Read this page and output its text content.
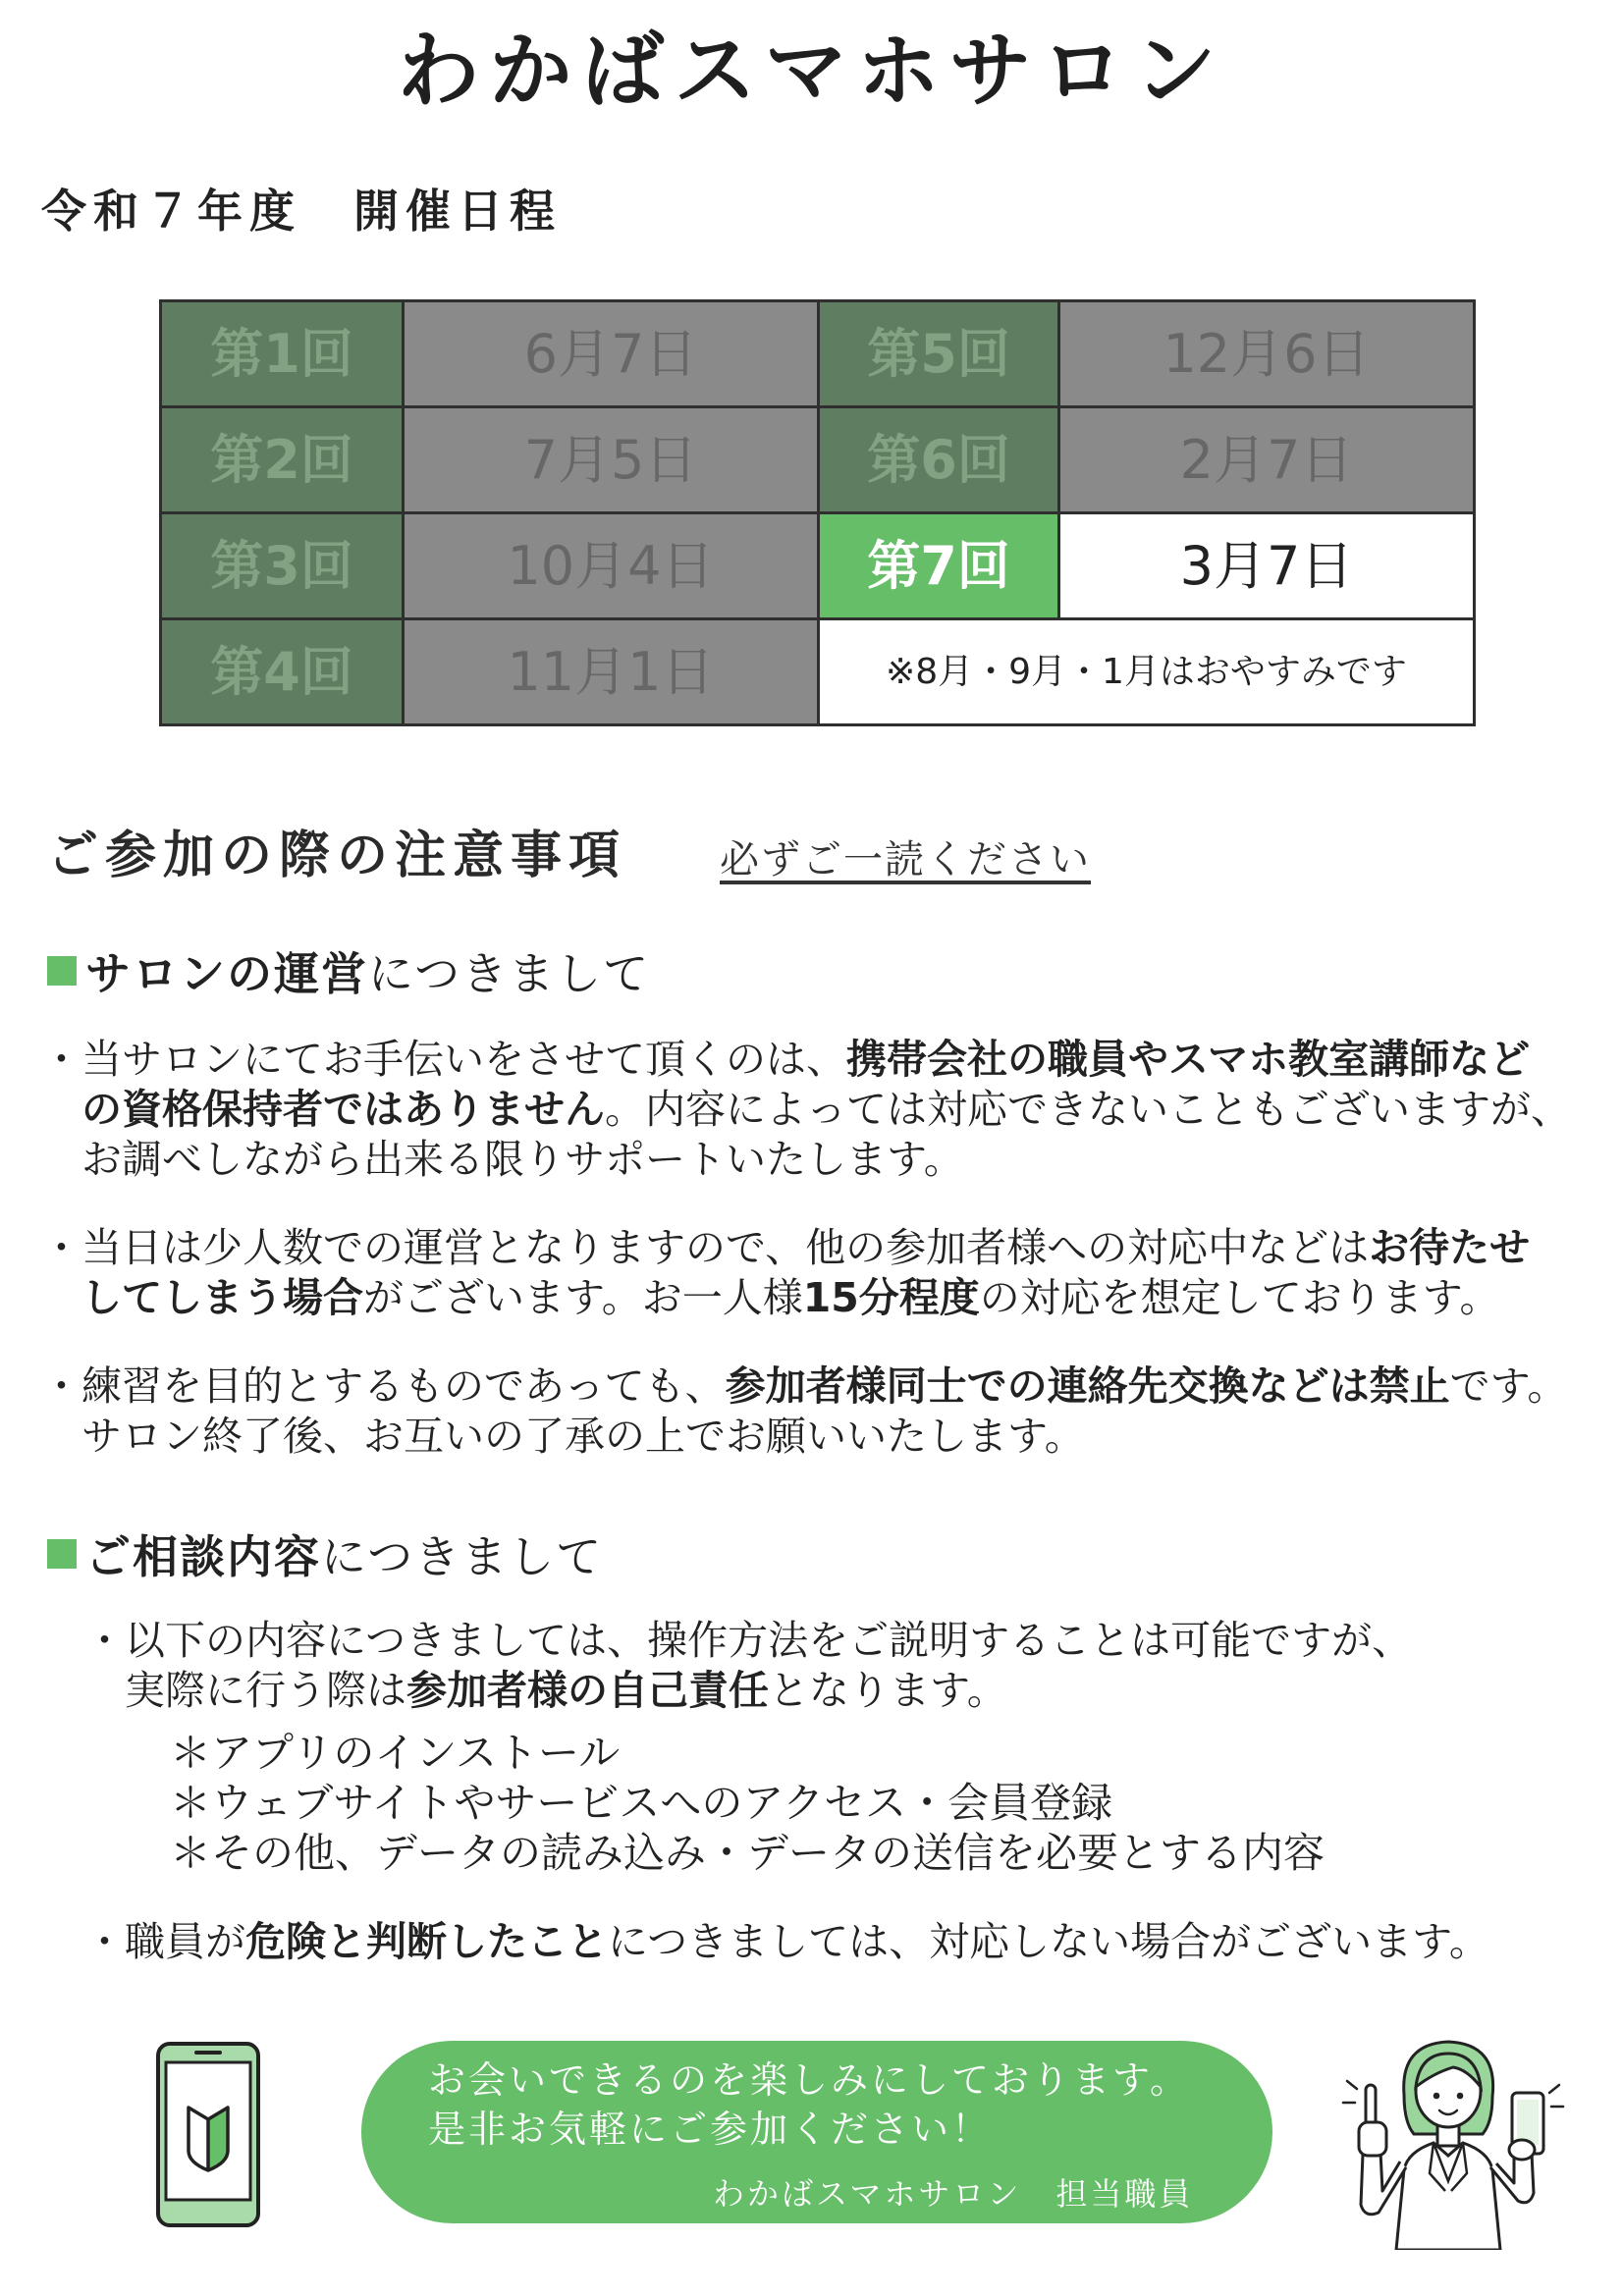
わかばスマホサロン
令和７年度　開催日程
第1回	6月7日	第5回	12月6日
第2回	7月5日	第6回	2月7日
第3回	10月4日	第7回	3月7日
第4回	11月1日	※8月・9月・1月はおやすみです
ご参加の際の注意事項 必ずご一読ください
サロンの運営 につきまして
・ 当サロンにてお手伝いをさせて頂くのは、携帯会社の職員やスマホ教室講師など
の資格保持者ではありません。内容によっては対応できないこともございますが、
お調べしながら出来る限りサポートいたします。
・ 当日は少人数での運営となりますので、他の参加者様への対応中などはお待たせ
してしまう場合がございます。お一人様15分程度の対応を想定しております。
・ 練習を目的とするものであっても、参加者様同士での連絡先交換などは禁止です。
サロン終了後、お互いの了承の上でお願いいたします。
ご相談内容 につきまして
・ 以下の内容につきましては、操作方法をご説明することは可能ですが、
実際に行う際は参加者様の自己責任となります。
＊アプリのインストール
＊ウェブサイトやサービスへのアクセス・会員登録
＊その他、データの読み込み・データの送信を必要とする内容
・ 職員が危険と判断したことにつきましては、対応しない場合がございます。
お会いできるのを楽しみにしております。
是非お気軽にご参加ください！
わかばスマホサロン　担当職員
